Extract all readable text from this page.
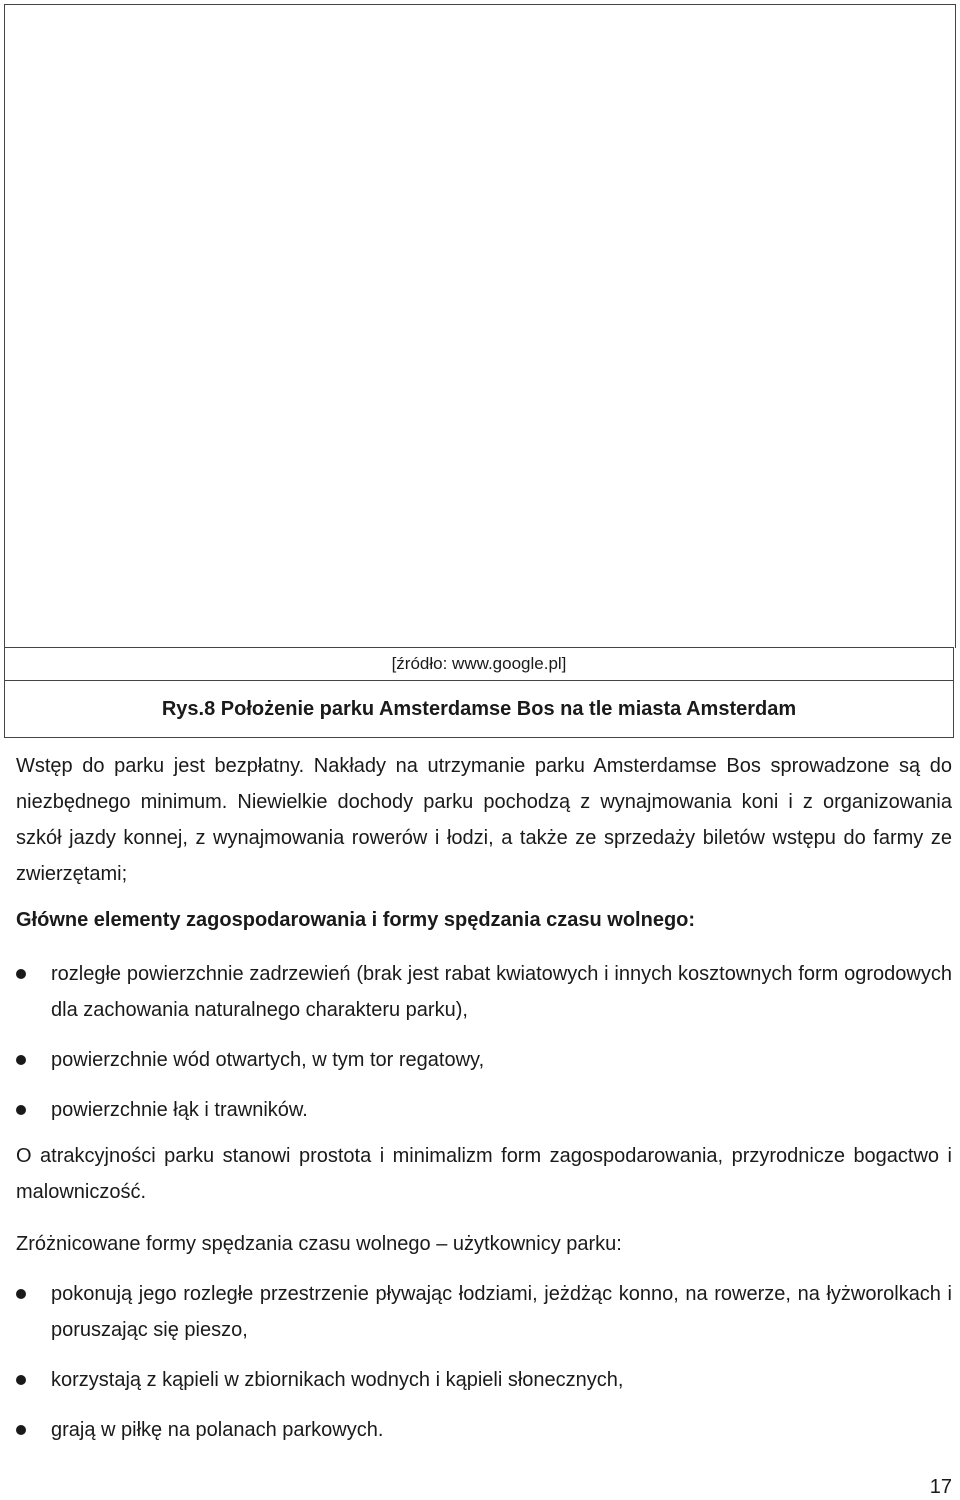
[źródło: www.google.pl]
Rys.8 Położenie parku Amsterdamse Bos na tle miasta Amsterdam

Wstęp do parku jest bezpłatny. Nakłady na utrzymanie parku Amsterdamse Bos sprowadzone są do niezbędnego minimum. Niewielkie dochody parku pochodzą z wynajmowania koni i z organizowania szkół jazdy konnej, z wynajmowania rowerów i łodzi, a także ze sprzedaży biletów wstępu do farmy ze zwierzętami;

Główne elementy zagospodarowania i formy spędzania czasu wolnego:

rozległe powierzchnie zadrzewień (brak jest rabat kwiatowych i innych kosztownych form ogrodowych dla zachowania naturalnego charakteru parku),
powierzchnie wód otwartych, w tym tor regatowy,
powierzchnie łąk i trawników.

O atrakcyjności parku stanowi prostota i minimalizm form zagospodarowania, przyrodnicze bogactwo i malowniczość.

Zróżnicowane formy spędzania czasu wolnego – użytkownicy parku:

pokonują jego rozległe przestrzenie pływając łodziami, jeżdżąc konno, na rowerze, na łyżworolkach i poruszając się pieszo,
korzystają z kąpieli w zbiornikach wodnych i kąpieli słonecznych,
grają w piłkę na polanach parkowych.
17
